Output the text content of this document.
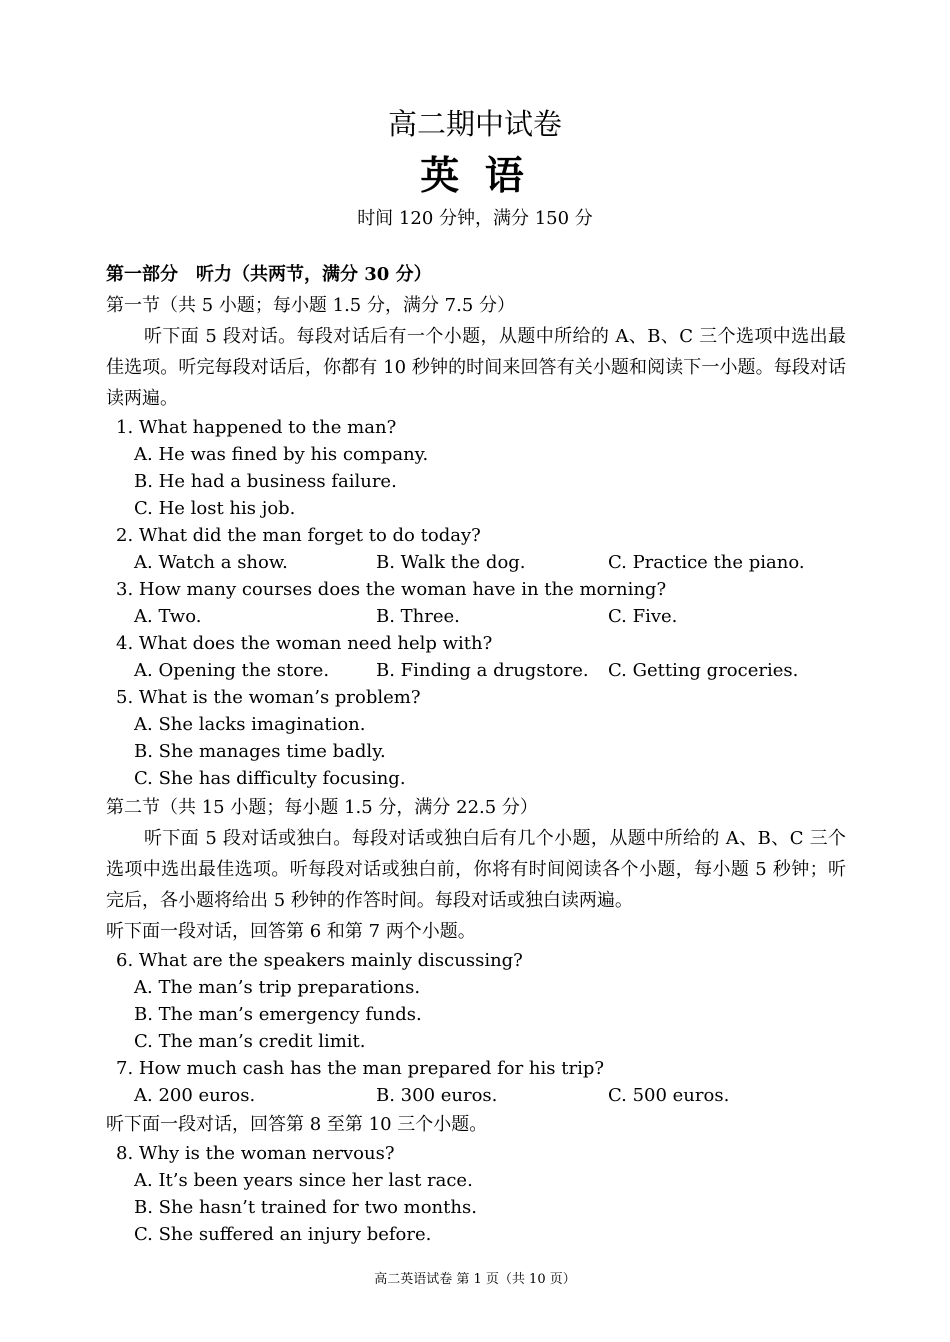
高二期中试卷
英 语
时间 120 分钟，满分 150 分
第一部分　听力（共两节，满分 30 分）
第一节（共 5 小题；每小题 1.5 分，满分 7.5 分）
听下面 5 段对话。每段对话后有一个小题，从题中所给的 A、B、C 三个选项中选出最佳选项。听完每段对话后，你都有 10 秒钟的时间来回答有关小题和阅读下一小题。每段对话读两遍。
1. What happened to the man?
A. He was fined by his company.
B. He had a business failure.
C. He lost his job.
2. What did the man forget to do today?
A. Watch a show.	B. Walk the dog.	C. Practice the piano.
3. How many courses does the woman have in the morning?
A. Two.	B. Three.	C. Five.
4. What does the woman need help with?
A. Opening the store.	B. Finding a drugstore. C. Getting groceries.
5. What is the woman’s problem?
A. She lacks imagination.
B. She manages time badly.
C. She has difficulty focusing.
第二节（共 15 小题；每小题 1.5 分，满分 22.5 分）
听下面 5 段对话或独白。每段对话或独白后有几个小题，从题中所给的 A、B、C 三个选项中选出最佳选项。听每段对话或独白前，你将有时间阅读各个小题，每小题 5 秒钟；听完后，各小题将给出 5 秒钟的作答时间。每段对话或独白读两遍。
听下面一段对话，回答第 6 和第 7 两个小题。
6. What are the speakers mainly discussing?
A. The man’s trip preparations.
B. The man’s emergency funds.
C. The man’s credit limit.
7. How much cash has the man prepared for his trip?
A. 200 euros.	B. 300 euros.	C. 500 euros.
听下面一段对话，回答第 8 至第 10 三个小题。
8. Why is the woman nervous?
A. It’s been years since her last race.
B. She hasn’t trained for two months.
C. She suffered an injury before.
高二英语试卷 第 1 页（共 10 页）
